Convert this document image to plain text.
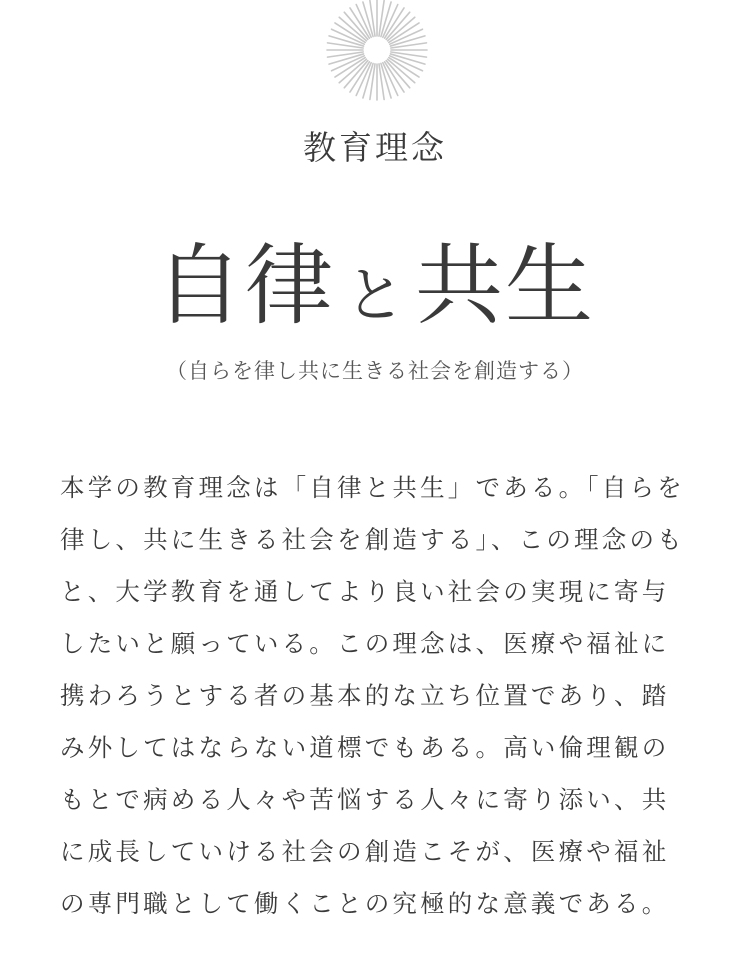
教育理念
自律 と 共生
（自らを律し共に生きる社会を創造する）

本学の教育理念は「自律と共生」である。「自らを律し、共に生きる社会を創造する」、この理念のもと、大学教育を通してより良い社会の実現に寄与したいと願っている。この理念は、医療や福祉に携わろうとする者の基本的な立ち位置であり、踏み外してはならない道標でもある。高い倫理観のもとで病める人々や苦悩する人々に寄り添い、共に成長していける社会の創造こそが、医療や福祉の専門職として働くことの究極的な意義である。
